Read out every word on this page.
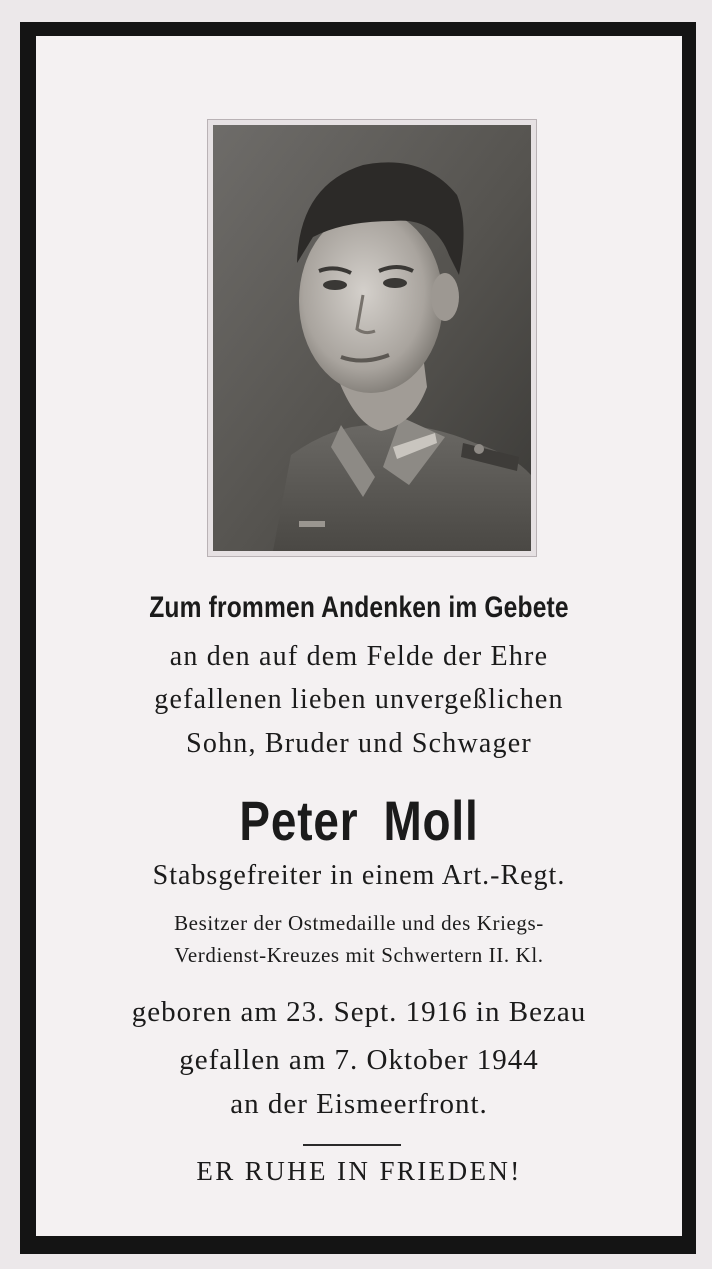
Zum frommen Andenken im Gebete
an den auf dem Felde der Ehre
gefallenen lieben unvergeßlichen
Sohn, Bruder und Schwager
Peter Moll
Stabsgefreiter in einem Art.-Regt.
Besitzer der Ostmedaille und des Kriegs-
Verdienst-Kreuzes mit Schwertern II. Kl.
geboren am 23. Sept. 1916 in Bezau
gefallen am 7. Oktober 1944
an der Eismeerfront.
ER RUHE IN FRIEDEN!
